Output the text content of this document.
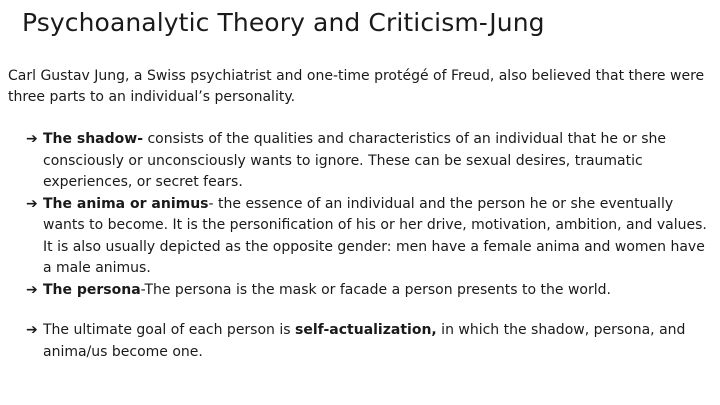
Psychoanalytic Theory and Criticism-Jung
Carl Gustav Jung, a Swiss psychiatrist and one-time protégé of Freud, also believed that there were three parts to an individual’s personality.
➔ The shadow- consists of the qualities and characteristics of an individual that he or she consciously or unconsciously wants to ignore. These can be sexual desires, traumatic experiences, or secret fears.
➔ The anima or animus- the essence of an individual and the person he or she eventually wants to become. It is the personification of his or her drive, motivation, ambition, and values. It is also usually depicted as the opposite gender: men have a female anima and women have a male animus.
➔ The persona-The persona is the mask or facade a person presents to the world.
➔ The ultimate goal of each person is self-actualization, in which the shadow, persona, and anima/us become one.
